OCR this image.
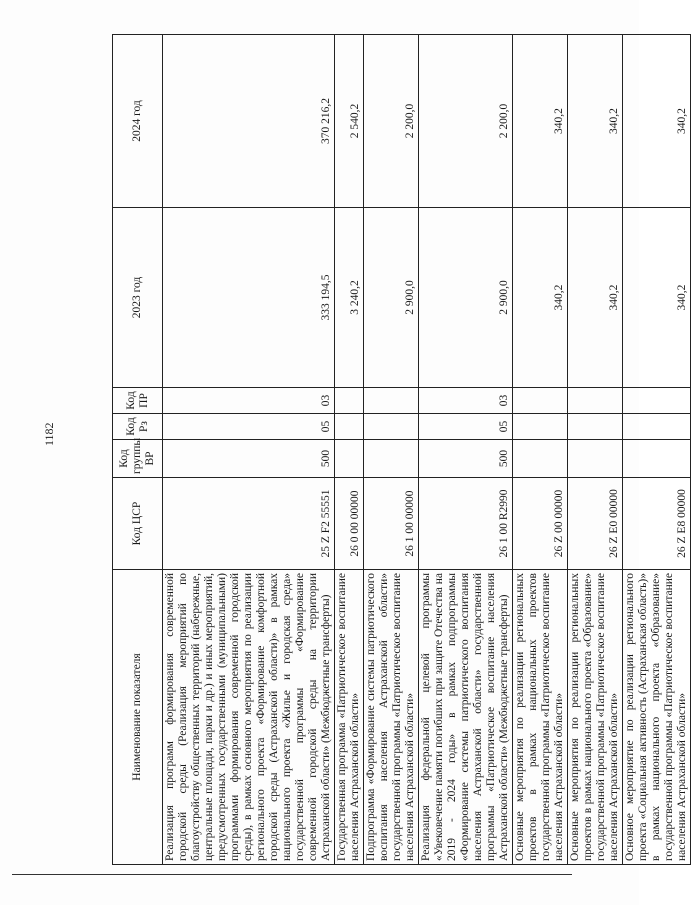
1182
Наименование показателя	Код ЦСР	Код группы ВР	Код Рз	Код ПР	2023 год	2024 год
Реализация программ формирования современной городской среды (Реализация мероприятий по благоустройству общественных территорий (набережные, центральные площади, парки и др.) и иных мероприятий, предусмотренных государственными (муниципальными) программами формирования современной городской среды), в рамках основного мероприятия по реализации регионального проекта «Формирование комфортной городской среды (Астраханской области)» в рамках национального проекта «Жилье и городская среда» государственной программы «Формирование современной городской среды на территории Астраханской области» (Межбюджетные трансферты)	25 Z F2 55551	500	05	03	333 194,5	370 216,2
Государственная программа «Патриотическое воспитание населения Астраханской области»	26 0 00 00000				3 240,2	2 540,2
Подпрограмма «Формирование системы патриотического воспитания населения Астраханской области» государственной программы «Патриотическое воспитание населения Астраханской области»	26 1 00 00000				2 900,0	2 200,0
Реализация федеральной целевой программы «Увековечение памяти погибших при защите Отечества на 2019 - 2024 годы» в рамках подпрограммы «Формирование системы патриотического воспитания населения Астраханской области» государственной программы «Патриотическое воспитание населения Астраханской области» (Межбюджетные трансферты)	26 1 00 R2990	500	05	03	2 900,0	2 200,0
Основные мероприятия по реализации региональных проектов в рамках национальных проектов государственной программы «Патриотическое воспитание населения Астраханской области»	26 Z 00 00000				340,2	340,2
Основные мероприятия по реализации региональных проектов в рамках национального проекта «Образование» государственной программы «Патриотическое воспитание населения Астраханской области»	26 Z E0 00000				340,2	340,2
Основное мероприятие по реализации регионального проекта «Социальная активность (Астраханская область)» в рамках национального проекта «Образование» государственной программы «Патриотическое воспитание населения Астраханской области»	26 Z E8 00000				340,2	340,2
